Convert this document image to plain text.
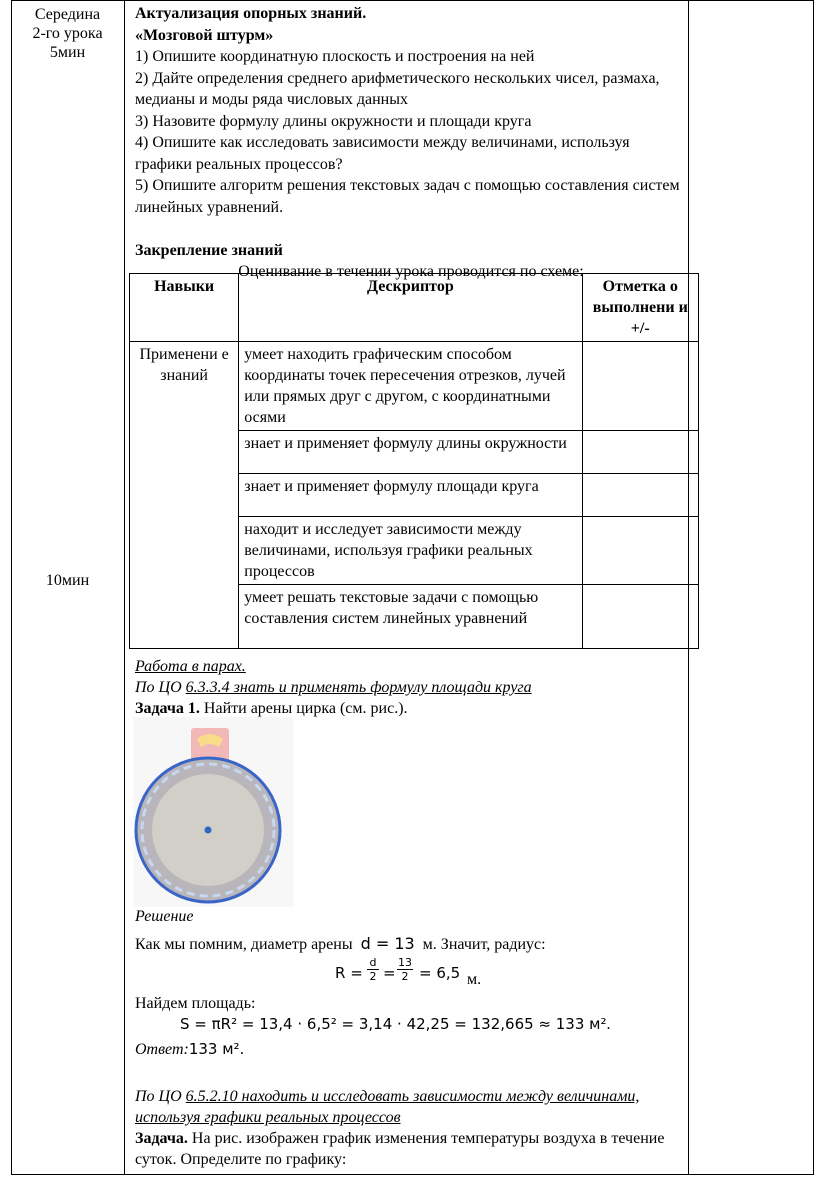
Середина
2-го урока
5мин
10мин

Актуализация опорных знаний.

«Мозговой штурм»

1) Опишите координатную плоскость и построения на ней

2) Дайте определения среднего арифметического нескольких чисел, размаха, медианы и моды ряда числовых данных

3) Назовите формулу длины окружности и площади круга

4) Опишите как исследовать зависимости между величинами, используя графики реальных процессов?

5) Опишите алгоритм решения текстовых задач с помощью составления систем линейных уравнений.

Закрепление знаний

Оценивание в течении урока проводится по схеме:

Навыки	Дескриптор	Отметка о выполнени и +/-
Применени е знаний	умеет находить графическим способом координаты точек пересечения отрезков, лучей или прямых друг с другом, с координатными осями	
	знает и применяет формулу длины окружности	
	знает и применяет формулу площади круга	
	находит и исследует зависимости между величинами, используя графики реальных процессов	
	умеет решать текстовые задачи с помощью составления систем линейных уравнений	
Работа в парах.
По ЦО 6.3.3.4 знать и применять формулу площади круга
Задача 1. Найти арены цирка (см. рис.).
Решение
Как мы помним, диаметр арены d = 13 м. Значит, радиус:
R =
d
2 =
13
2 = 6,5 м.
Найдем площадь:
S = πR² = 13,4 · 6,5² = 3,14 · 42,25 = 132,665 ≈ 133 м².
Ответ:133 м².
По ЦО 6.5.2.10 находить и исследовать зависимости между величинами, используя графики реальных процессов
Задача. На рис. изображен график изменения температуры воздуха в течение суток. Определите по графику:
